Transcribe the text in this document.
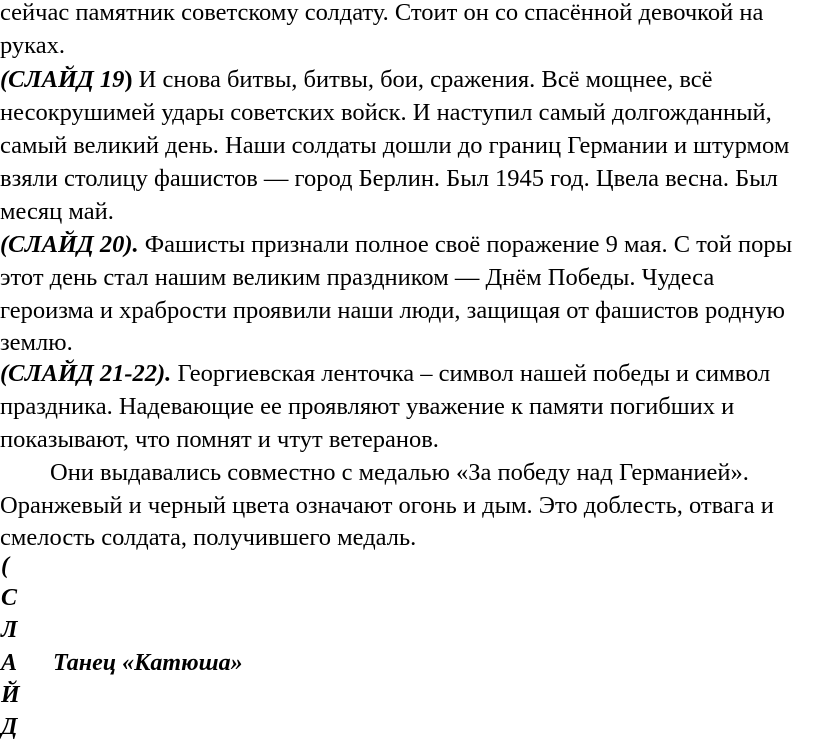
сейчас памятник советскому солдату. Стоит он со спасённой девочкой на
руках.
(СЛАЙД 19) И снова битвы, битвы, бои, сражения. Всё мощнее, всё
несокрушимей удары советских войск. И наступил самый долгожданный,
самый великий день. Наши солдаты дошли до границ Германии и штурмом
взяли столицу фашистов — город Берлин. Был 1945 год. Цвела весна. Был
месяц май.
(СЛАЙД 20). Фашисты признали полное своё поражение 9 мая. С той поры
этот день стал нашим великим праздником — Днём Победы. Чудеса
героизма и храбрости проявили наши люди, защищая от фашистов родную
землю.
(СЛАЙД 21-22). Георгиевская ленточка – символ нашей победы и символ
праздника. Надевающие ее проявляют уважение к памяти погибших и
показывают, что помнят и чтут ветеранов.
Они выдавались совместно с медалью «За победу над Германией».
Оранжевый и черный цвета означают огонь и дым. Это доблесть, отвага и
смелость солдата, получившего медаль.
(
С
Л
А
Й
Д
Танец «Катюша»
